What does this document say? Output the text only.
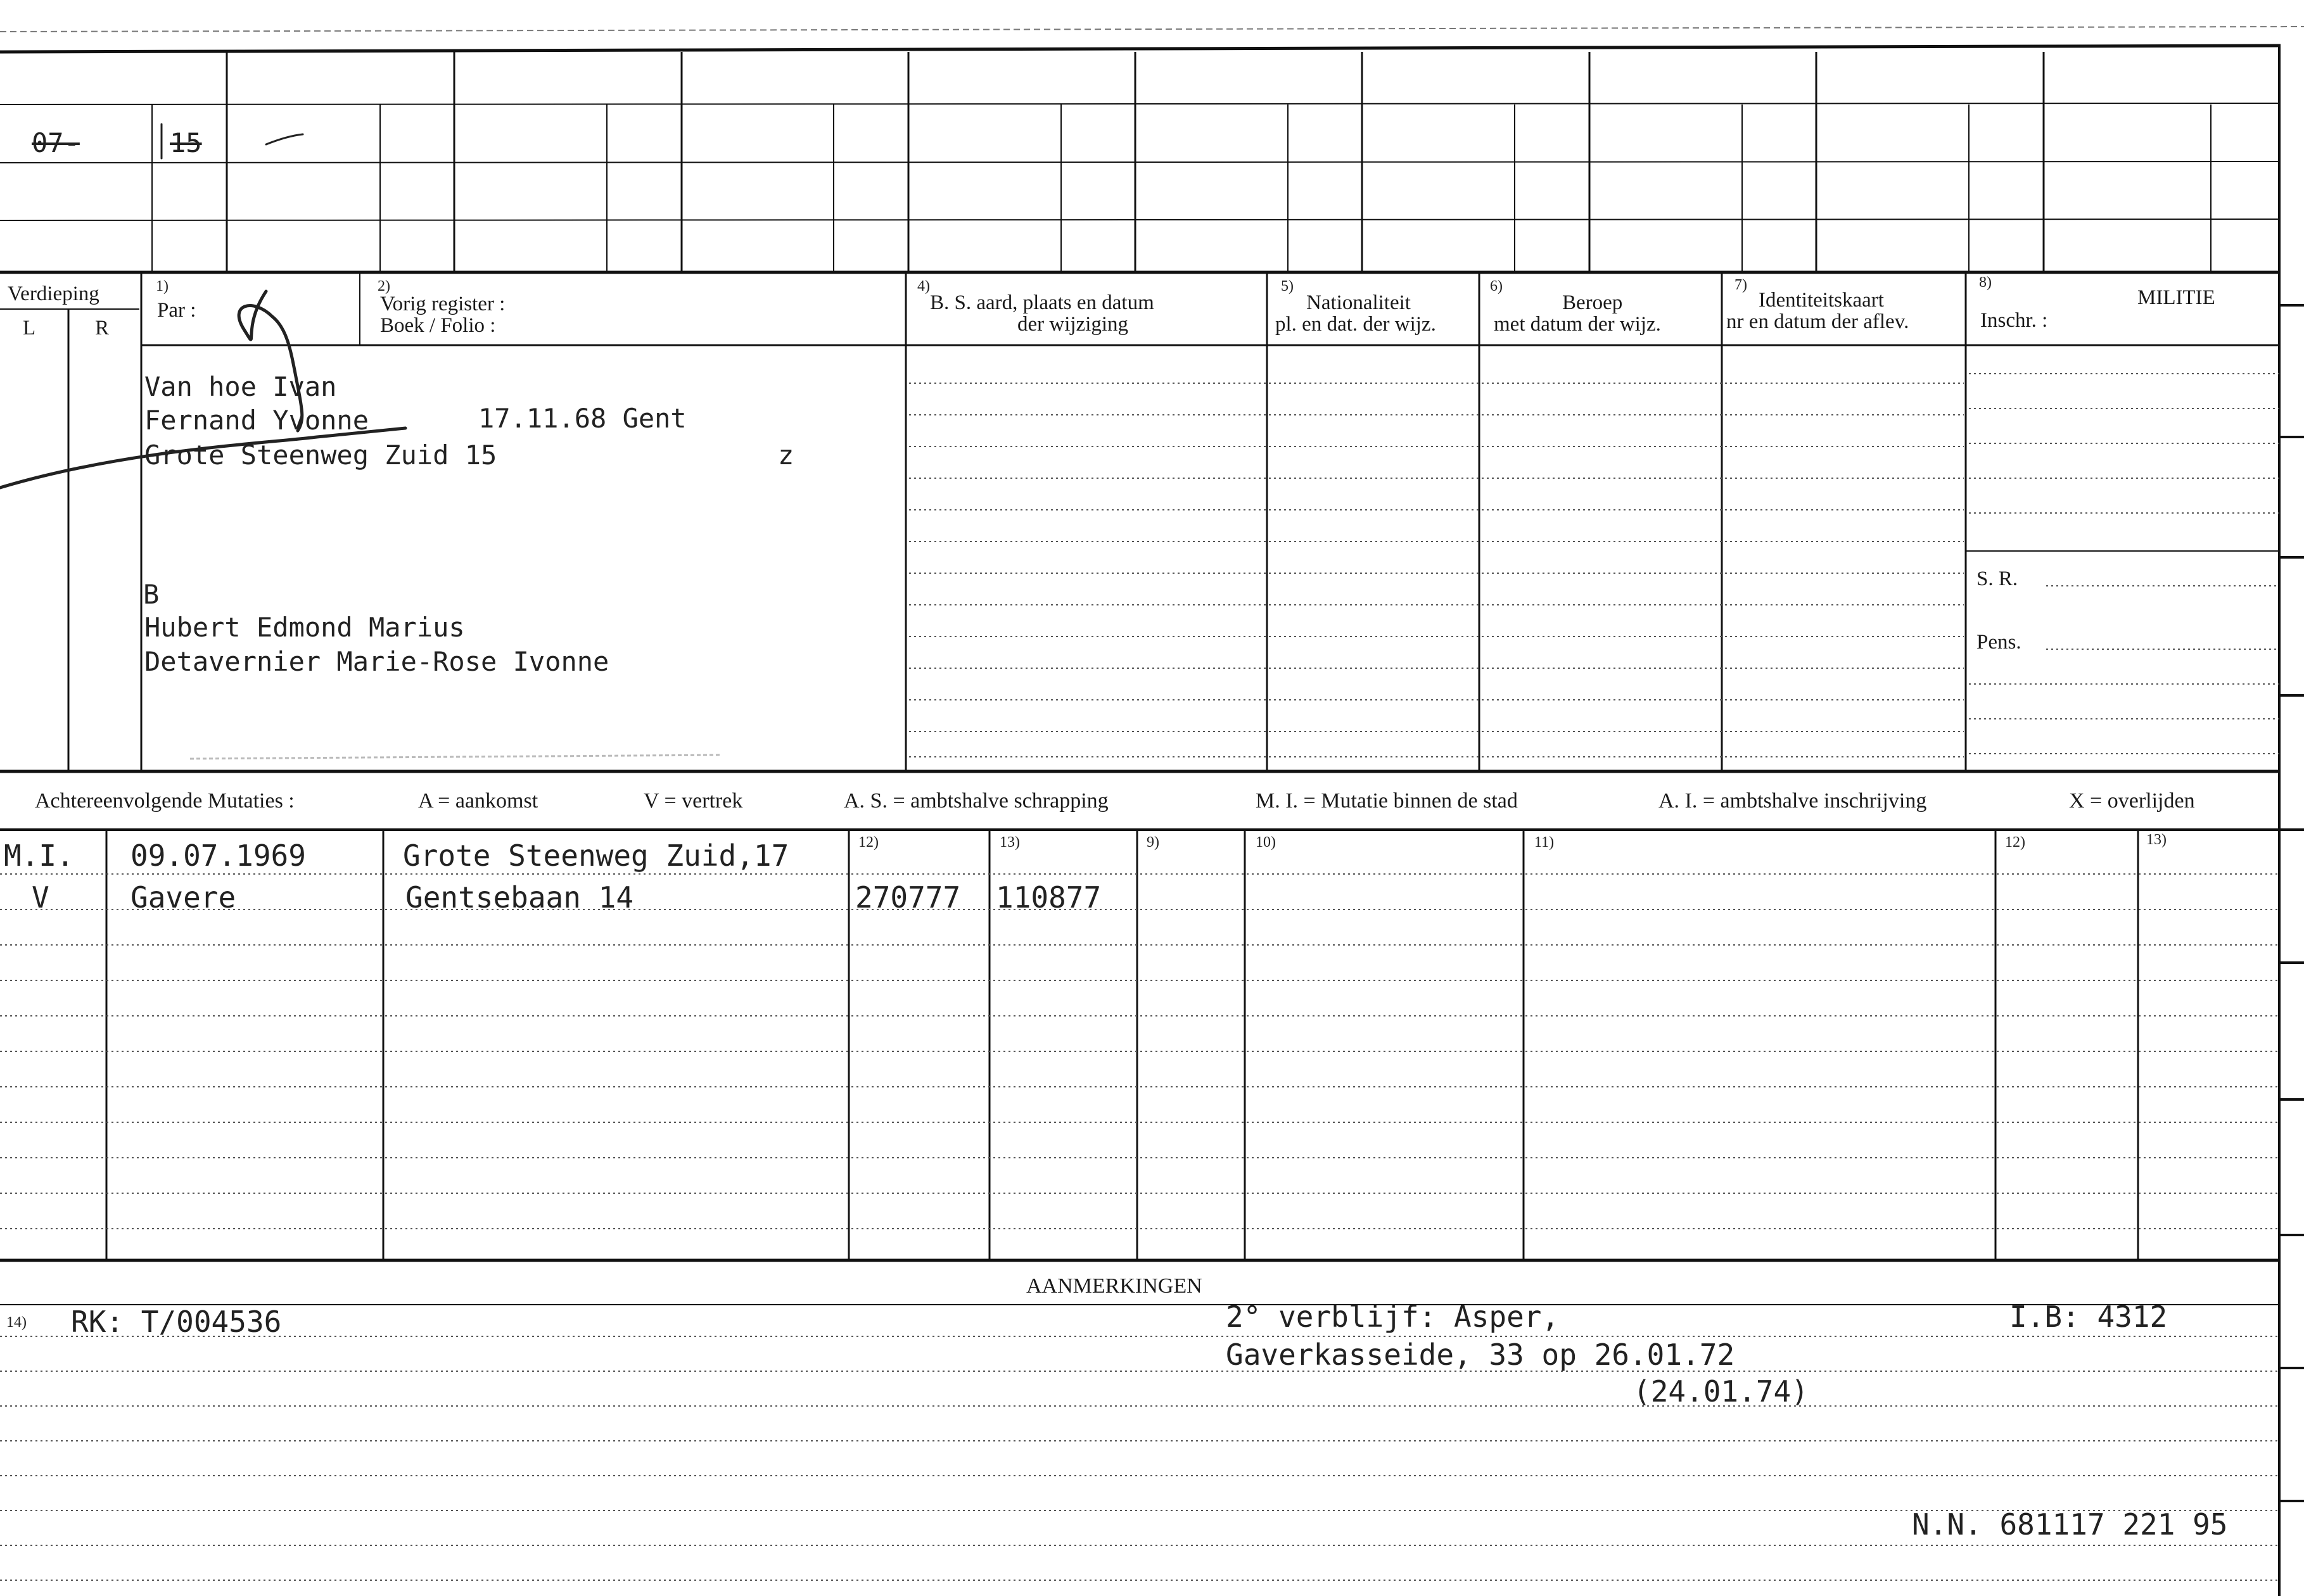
07-	15
Verdieping
L	R
1)
Par :
2)
Vorig register :
Boek / Folio :
4)
B. S. aard, plaats en datum
der wijziging
5)
Nationaliteit
pl. en dat. der wijz.
6)
Beroep
met datum der wijz.
7)
Identiteitskaart
nr en datum der aflev.
8)
MILITIE
Inschr. :
S. R.
Pens.
Van hoe Ivan
Fernand Yvonne	17.11.68 Gent
Grote Steenweg Zuid 15	z
B
Hubert Edmond Marius
Detavernier Marie-Rose Ivonne
Achtereenvolgende Mutaties :	A = aankomst	V = vertrek	A. S. = ambtshalve schrapping	M. I. = Mutatie binnen de stad	A. I. = ambtshalve inschrijving	X = overlijden
12)	13)	9)	10)	11)	12)	13)
M.I. 09.07.1969	Grote Steenweg Zuid,17
V	Gavere	Gentsebaan 14	270777 110877
AANMERKINGEN
14) RK: T/004536	2° verblijf: Asper,
Gaverkasseide, 33 op 26.01.72
(24.01.74)
I.B: 4312
N.N. 681117 221 95
